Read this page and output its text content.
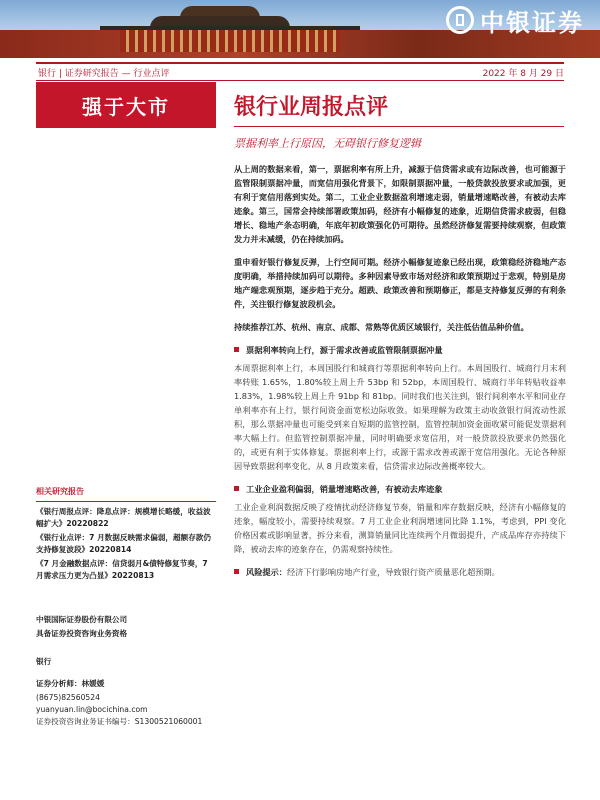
中银证券
银行 | 证券研究报告 — 行业点评	2022 年 8 月 29 日
强于大市	银行业周报点评
票据利率上行原因，无碍银行修复逻辑

从上周的数据来看，第一，票据利率有所上升，减源于信贷需求或有边际改善，也可能源于监管限制票据冲量，而宽信用强化背景下，如限制票据冲量，一般贷款投放要求或加强，更有利于宽信用落到实处。第二，工业企业数据盈利增速走弱，销量增速略改善，有被动去库迹象。第三，国常会持续部署政策加码，经济有小幅修复的迹象，近期信贷需求疲弱，但稳增长、稳地产条态明确，年底年初政策强化仍可期待。虽然经济修复需要持续观察，但政策发力并未减缓，仍在持续加码。

重申看好银行修复反弹，上行空间可期。经济小幅修复迹象已经出现，政策稳经济稳地产态度明确，举措持续加码可以期待。多种因素导致市场对经济和政策预期过于悲观，特别是房地产端悲观预期，逐步趋于充分。超跌、政策改善和预期修正，都是支持修复反弹的有利条件，关注银行修复波段机会。

持续推荐江苏、杭州、南京、成都、常熟等优质区域银行，关注低估值品种价值。

票据利率转向上行，源于需求改善或监管限制票据冲量

本周票据利率上行，本周国股行和城商行等票据利率转向上行。本周国股行、城商行月末利率转账 1.65%，1.80%较上周上升 53bp 和 52bp，本周国股行、城商行半年转贴收益率 1.83%，1.98%较上周上升 91bp 和 81bp。同时我们也关注到，银行间利率水平和同业存单利率亦有上行，银行间资金面宽松边际收敛。如果理解为政策主动收敛银行间流动性派积，那么票据冲量也可能受到来自短期的监管控制，监管控制加资金面收紧可能促发票据利率大幅上行。但监管控制票据冲量，同时明确要求宽信用，对一般贷款投放要求仍然强化的，或更有利于实体修复。票据利率上行，或源于需求改善或源于宽信用强化。无论各种原因导致票据利率变化，从 8 月政策来看，信贷需求边际改善概率较大。

工业企业盈利偏弱，销量增速略改善，有被动去库迹象

工业企业利润数据反映了疫情扰动经济修复节奏，销量和库存数据反映，经济有小幅修复的迹象，幅度较小，需要持续观察。7 月工业企业利润增速同比降 1.1%，考虑到，PPI 变化价格因素或影响显著，拆分来看，测算销量同比连续两个月微弱提升，产成品库存亦持续下降，被动去库的迹象存在，仍需观察持续性。

风险提示：经济下行影响房地产行业，导致银行资产质量恶化超预期。
相关研究报告
《银行周报点评：降息点评：规模增长略缓，收益波幅扩大》20220822
《银行业点评：7 月数据反映需求偏弱，超额存款仍支持修复波段》20220814
《7 月金融数据点评：信贷弱月&债特修复节奏，7 月需求压力更为凸显》20220813
中银国际证券股份有限公司
具备证券投资咨询业务资格
银行
证券分析师：林媛媛
(8675)82560524
yuanyuan.lin@bocichina.com
证券投资咨询业务证书编号：S1300521060001
